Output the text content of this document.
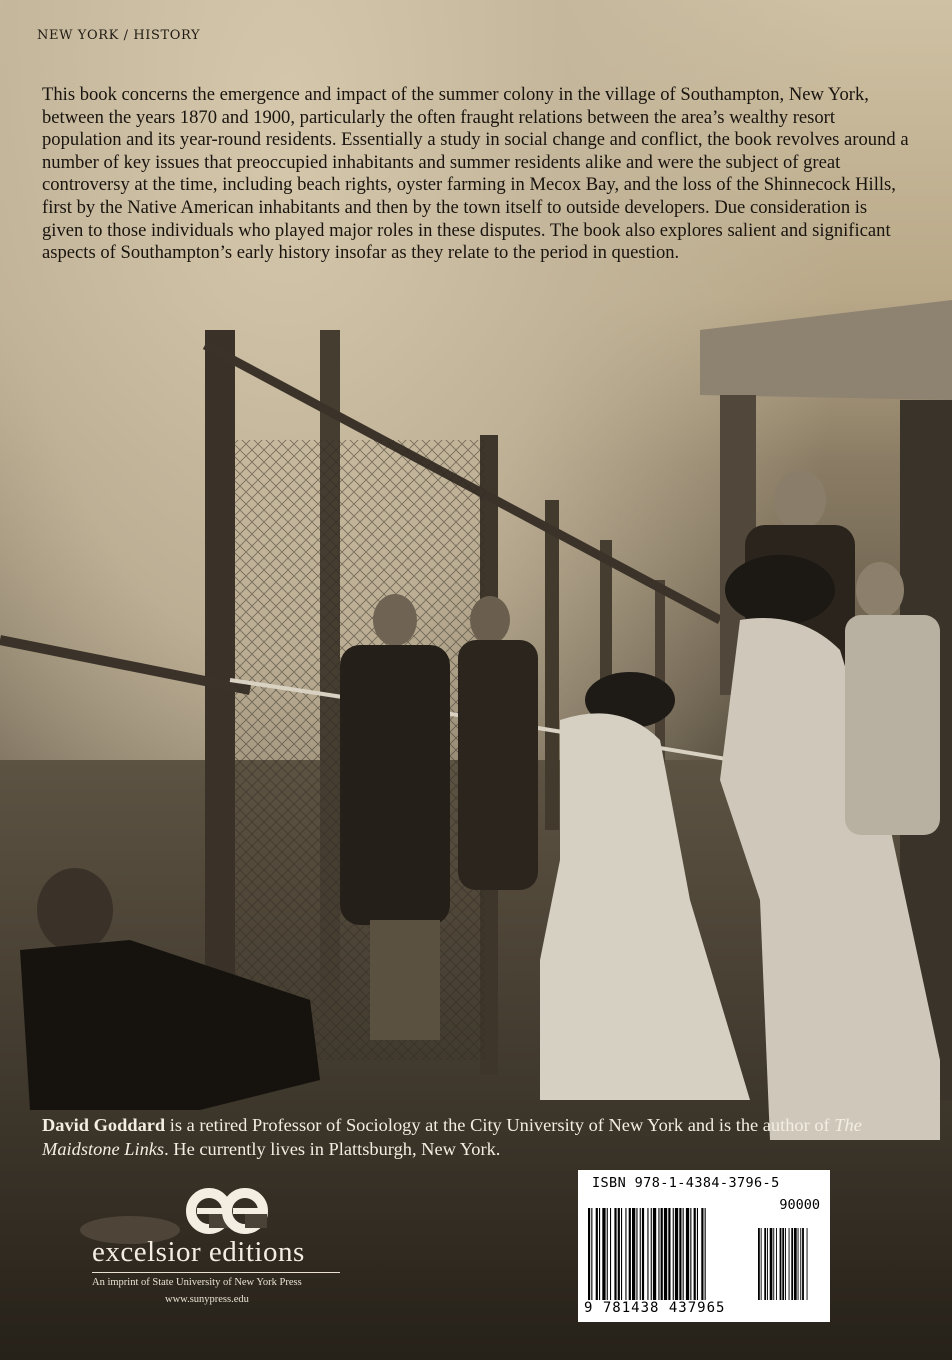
NEW YORK / HISTORY

This book concerns the emergence and impact of the summer colony in the village of Southampton, New York, between the years 1870 and 1900, particularly the often fraught relations between the area’s wealthy resort population and its year-round residents. Essentially a study in social change and conflict, the book revolves around a number of key issues that preoccupied inhabitants and summer residents alike and were the subject of great controversy at the time, including beach rights, oyster farming in Mecox Bay, and the loss of the Shinnecock Hills, first by the Native American inhabitants and then by the town itself to outside developers. Due consideration is given to those individuals who played major roles in these disputes. The book also explores salient and significant aspects of Southampton’s early history insofar as they relate to the period in question.

David Goddard is a retired Professor of Sociology at the City University of New York and is the author of The Maidstone Links. He currently lives in Plattsburgh, New York.

excelsior editions
An imprint of State University of New York Press
www.sunypress.edu
ISBN 978-1-4384-3796-5
90000
9 781438 437965
